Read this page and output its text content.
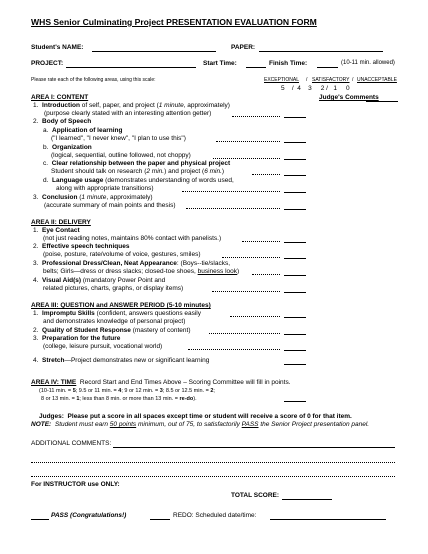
WHS Senior Culminating Project PRESENTATION EVALUATION FORM
Student's NAME:	PAPER:
PROJECT:	Start Time:	Finish Time:	(10-11 min. allowed)
Please rate each of the following areas, using this scale:	EXCEPTIONAL / SATISFACTORY / UNACCEPTABLE
5    /  4    3     2 /   1     0
AREA I: CONTENT	Judge's Comments
1. Introduction of self, paper, and project (1 minute, approximately)
(purpose clearly stated with an interesting attention getter)
2. Body of Speech
a. Application of learning
("I learned", "I never knew", "I plan to use this")
b. Organization
(logical, sequential, outline followed, not choppy)
c. Clear relationship between the paper and physical project
Student should talk on research (2 min.) and project (6 min.)
d. Language usage (demonstrates understanding of words used,
along with appropriate transitions)
3. Conclusion (1 minute, approximately)
(accurate summary of main points and thesis)
AREA II: DELIVERY
1. Eye Contact
(not just reading notes, maintains 80% contact with panelists.)
2. Effective speech techniques
(poise, posture, rate/volume of voice, gestures, smiles)
3. Professional Dress/Clean, Neat Appearance: (Boys--tie/slacks,
belts; Girls—dress or dress slacks; closed-toe shoes, business look)
4. Visual Aid(s) (mandatory Power Point and
related pictures, charts, graphs, or display items)
AREA III: QUESTION and ANSWER PERIOD (5-10 minutes)
1. Impromptu Skills (confident, answers questions easily
and demonstrates knowledge of personal project)
2. Quality of Student Response (mastery of content)
3. Preparation for the future
(college, leisure pursuit, vocational world)
4. Stretch—Project demonstrates new or significant learning
AREA IV: TIME Record Start and End Times Above – Scoring Committee will fill in points.
(10-11 min. = 5; 9.5 or 11 min. = 4; 9 or 12 min. = 3; 8.5 or 12.5 min. = 2;
8 or 13 min. = 1; less than 8 min. or more than 13 min. = re-do).
Judges: Please put a score in all spaces except time or student will receive a score of 0 for that item.
NOTE: Student must earn 50 points minimum, out of 75, to satisfactorily PASS the Senior Project presentation panel.
ADDITIONAL COMMENTS:
For INSTRUCTOR use ONLY:
TOTAL SCORE:
PASS (Congratulations!)	REDO: Scheduled date/time:
